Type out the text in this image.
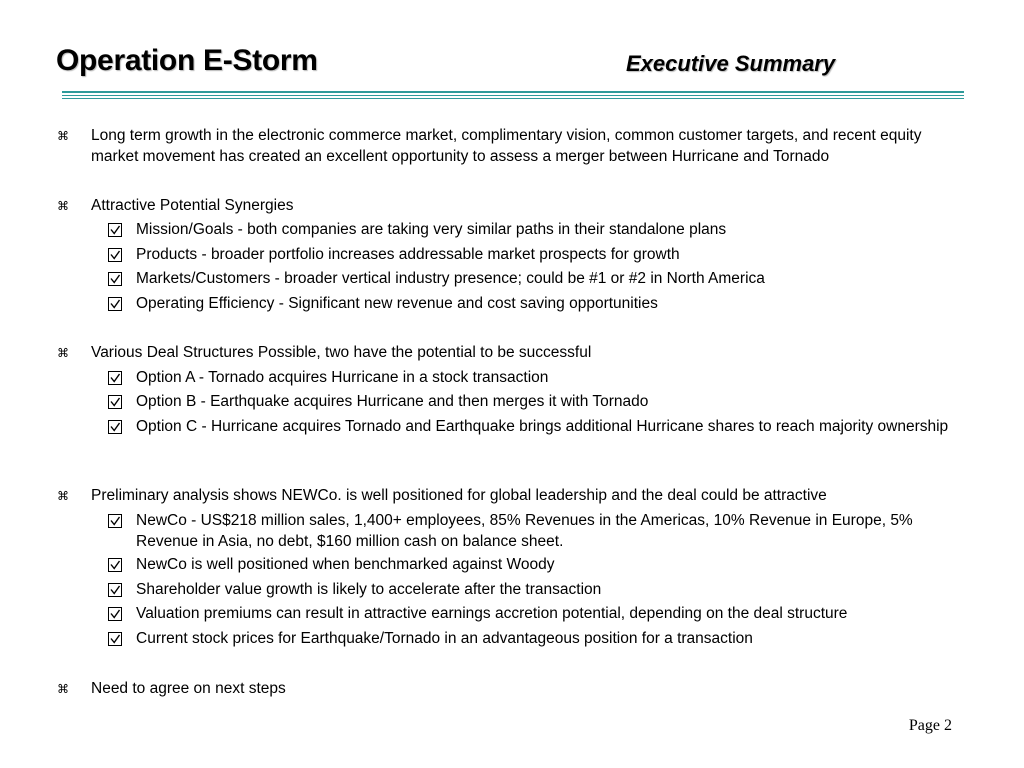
Operation E-Storm	Executive Summary
⌘ Long term growth in the electronic commerce market, complimentary vision, common customer targets, and recent equity market movement has created an excellent opportunity to assess a merger between Hurricane and Tornado
⌘ Attractive Potential Synergies
Mission/Goals - both companies are taking very similar paths in their standalone plans
Products - broader portfolio increases addressable market prospects for growth
Markets/Customers - broader vertical industry presence; could be #1 or #2 in North America
Operating Efficiency - Significant new revenue and cost saving opportunities
⌘ Various Deal Structures Possible, two have the potential to be successful
Option A - Tornado acquires Hurricane in a stock transaction
Option B - Earthquake acquires Hurricane and then merges it with Tornado
Option C - Hurricane acquires Tornado and Earthquake brings additional Hurricane shares to reach majority ownership
⌘ Preliminary analysis shows NEWCo. is well positioned for global leadership and the deal could be attractive
NewCo - US$218 million sales, 1,400+ employees, 85% Revenues in the Americas, 10% Revenue in Europe, 5% Revenue in Asia, no debt, $160 million cash on balance sheet.
NewCo is well positioned when benchmarked against Woody
Shareholder value growth is likely to accelerate after the transaction
Valuation premiums can result in attractive earnings accretion potential, depending on the deal structure
Current stock prices for Earthquake/Tornado in an advantageous position for a transaction
⌘ Need to agree on next steps
Page 2
